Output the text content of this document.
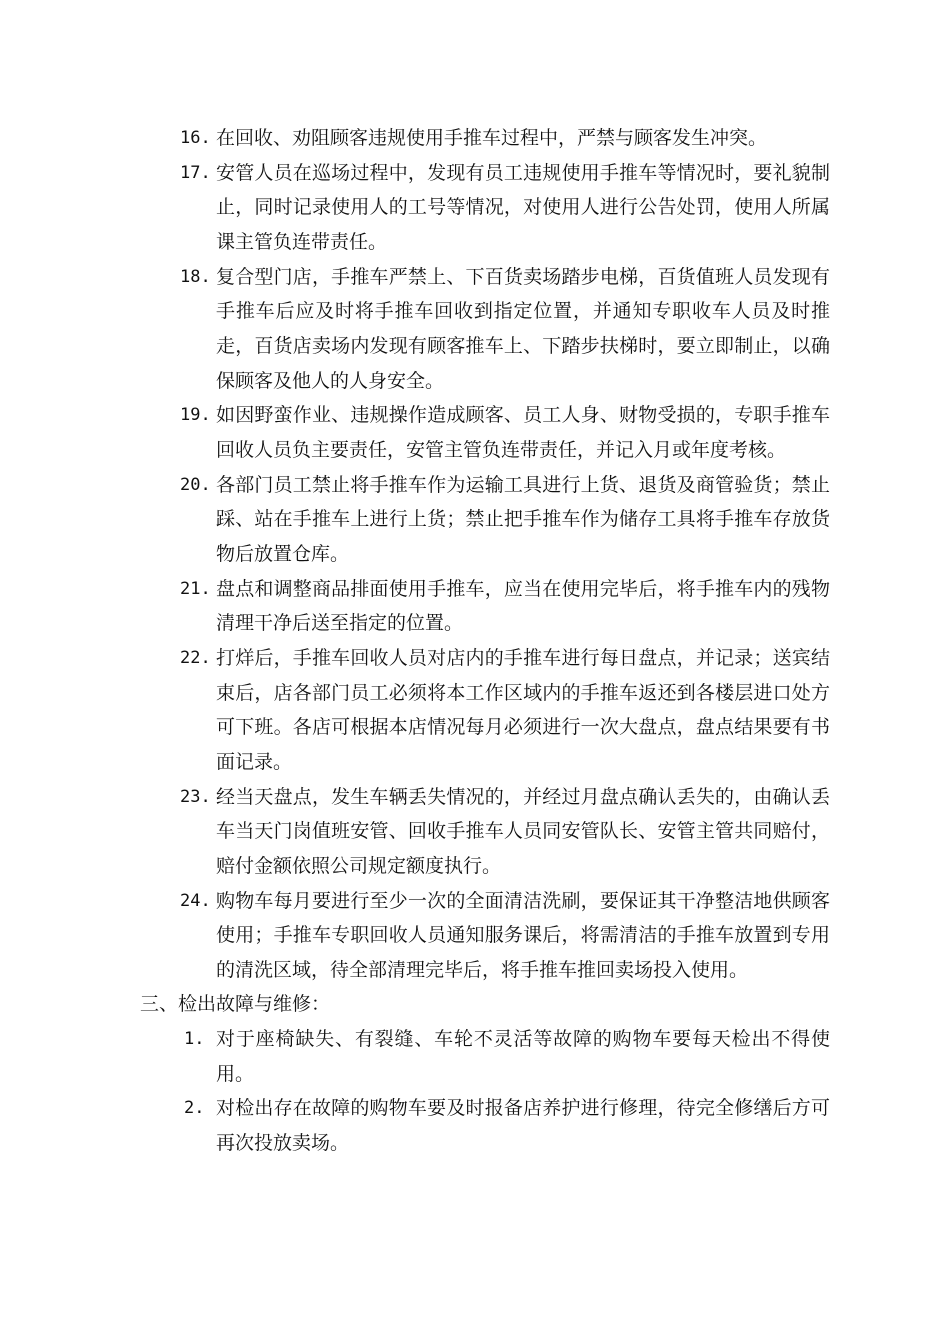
16. 在回收、劝阻顾客违规使用手推车过程中，严禁与顾客发生冲突。
17. 安管人员在巡场过程中，发现有员工违规使用手推车等情况时，要礼貌制止，同时记录使用人的工号等情况，对使用人进行公告处罚，使用人所属课主管负连带责任。
18. 复合型门店，手推车严禁上、下百货卖场踏步电梯，百货值班人员发现有手推车后应及时将手推车回收到指定位置，并通知专职收车人员及时推走，百货店卖场内发现有顾客推车上、下踏步扶梯时，要立即制止，以确保顾客及他人的人身安全。
19. 如因野蛮作业、违规操作造成顾客、员工人身、财物受损的，专职手推车回收人员负主要责任，安管主管负连带责任，并记入月或年度考核。
20. 各部门员工禁止将手推车作为运输工具进行上货、退货及商管验货；禁止踩、站在手推车上进行上货；禁止把手推车作为储存工具将手推车存放货物后放置仓库。
21. 盘点和调整商品排面使用手推车，应当在使用完毕后，将手推车内的残物清理干净后送至指定的位置。
22. 打烊后，手推车回收人员对店内的手推车进行每日盘点，并记录；送宾结束后，店各部门员工必须将本工作区域内的手推车返还到各楼层进口处方可下班。各店可根据本店情况每月必须进行一次大盘点，盘点结果要有书面记录。
23. 经当天盘点，发生车辆丢失情况的，并经过月盘点确认丢失的，由确认丢车当天门岗值班安管、回收手推车人员同安管队长、安管主管共同赔付，赔付金额依照公司规定额度执行。
24. 购物车每月要进行至少一次的全面清洁洗刷，要保证其干净整洁地供顾客使用；手推车专职回收人员通知服务课后，将需清洁的手推车放置到专用的清洗区域，待全部清理完毕后，将手推车推回卖场投入使用。
三、检出故障与维修：
1. 对于座椅缺失、有裂缝、车轮不灵活等故障的购物车要每天检出不得使用。
2. 对检出存在故障的购物车要及时报备店养护进行修理，待完全修缮后方可再次投放卖场。
